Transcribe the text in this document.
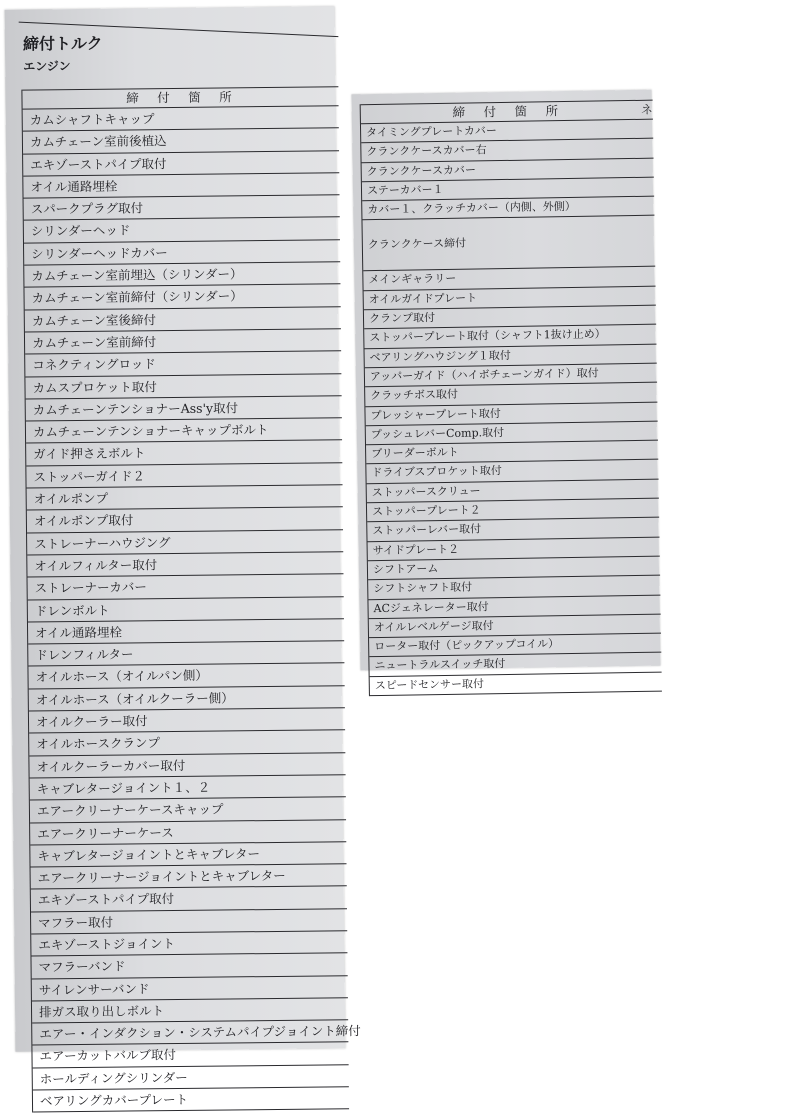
締付トルク
エンジン
締　付　箇　所
カムシャフトキャップ
カムチェーン室前後植込
エキゾーストパイプ取付
オイル通路埋栓
スパークプラグ取付
シリンダーヘッド
シリンダーヘッドカバー
カムチェーン室前埋込（シリンダー）
カムチェーン室前締付（シリンダー）
カムチェーン室後締付
カムチェーン室前締付
コネクティングロッド
カムスプロケット取付
カムチェーンテンショナーAss'y取付
カムチェーンテンショナーキャップボルト
ガイド押さえボルト
ストッパーガイド２
オイルポンプ
オイルポンプ取付
ストレーナーハウジング
オイルフィルター取付
ストレーナーカバー
ドレンボルト
オイル通路埋栓
ドレンフィルター
オイルホース（オイルパン側）
オイルホース（オイルクーラー側）
オイルクーラー取付
オイルホースクランプ
オイルクーラーカバー取付
キャブレタージョイント１、２
エアークリーナーケースキャップ
エアークリーナーケース
キャブレタージョイントとキャブレター
エアークリーナージョイントとキャブレター
エキゾーストパイプ取付
マフラー取付
エキゾーストジョイント
マフラーバンド
サイレンサーバンド
排ガス取り出しボルト
エアー・インダクション・システムパイプジョイント締付
エアーカットバルブ取付
ホールディングシリンダー
ベアリングカバープレート
締　付　箇　所	ネ
タイミングプレートカバー
クランクケースカバー右
クランクケースカバー
ステーカバー１
カバー１、クラッチカバー（内側、外側）
クランクケース締付
メインギャラリー
オイルガイドプレート
クランプ取付
ストッパープレート取付（シャフト1抜け止め）
ベアリングハウジング１取付
アッパーガイド（ハイボチェーンガイド）取付
クラッチボス取付
プレッシャープレート取付
プッシュレバーComp.取付
ブリーダーボルト
ドライブスプロケット取付
ストッパースクリュー
ストッパープレート２
ストッパーレバー取付
サイドプレート２
シフトアーム
シフトシャフト取付
ACジェネレーター取付
オイルレベルゲージ取付
ローター取付（ピックアップコイル）
ニュートラルスイッチ取付
スピードセンサー取付
